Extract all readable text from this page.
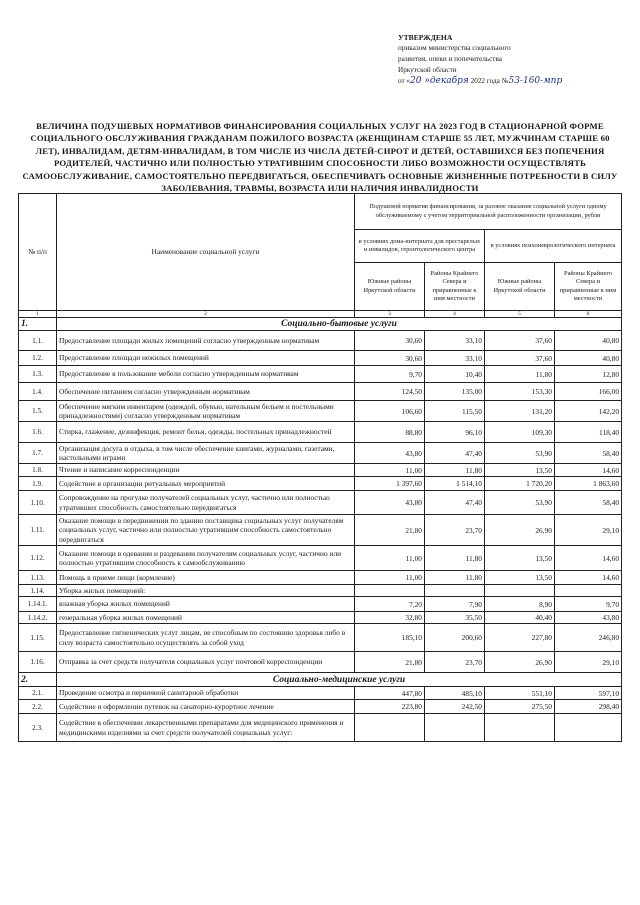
УТВЕРЖДЕНА
приказом министерства социального
развития, опеки и попечительства
Иркутской области
от «20 »дeкaбря 2022 года №53-160-мпр
ВЕЛИЧИНА ПОДУШЕВЫХ НОРМАТИВОВ ФИНАНСИРОВАНИЯ СОЦИАЛЬНЫХ УСЛУГ НА 2023 ГОД В СТАЦИОНАРНОЙ ФОРМЕ СОЦИАЛЬНОГО ОБСЛУЖИВАНИЯ ГРАЖДАНАМ ПОЖИЛОГО ВОЗРАСТА (ЖЕНЩИНАМ СТАРШЕ 55 ЛЕТ, МУЖЧИНАМ СТАРШЕ 60 ЛЕТ), ИНВАЛИДАМ, ДЕТЯМ-ИНВАЛИДАМ, В ТОМ ЧИСЛЕ ИЗ ЧИСЛА ДЕТЕЙ-СИРОТ И ДЕТЕЙ, ОСТАВШИХСЯ БЕЗ ПОПЕЧЕНИЯ РОДИТЕЛЕЙ, ЧАСТИЧНО ИЛИ ПОЛНОСТЬЮ УТРАТИВШИМ СПОСОБНОСТИ ЛИБО ВОЗМОЖНОСТИ ОСУЩЕСТВЛЯТЬ САМООБСЛУЖИВАНИЕ, САМОСТОЯТЕЛЬНО ПЕРЕДВИГАТЬСЯ, ОБЕСПЕЧИВАТЬ ОСНОВНЫЕ ЖИЗНЕННЫЕ ПОТРЕБНОСТИ В СИЛУ ЗАБОЛЕВАНИЯ, ТРАВМЫ, ВОЗРАСТА ИЛИ НАЛИЧИЯ ИНВАЛИДНОСТИ
№ п/п	Наименование социальной услуги	Подушевой норматив финансирования, за разовое оказание социальной услуги одному обслуживаемому с учетом территориальной расположенности организации, рубли			
		в условиях дома-интерната для престарелых и инвалидов, геронтологического центра		в условиях психоневрологического интерната	
		Южные районы Иркутской области	Районы Крайнего Севера и приравненные к ним местности	Южные районы Иркутской области	Районы Крайнего Севера и приравненные к ним местности
1	2	3	4	5	6
1.	Социально-бытовые услуги				
1.1.	Предоставление площади жилых помещений согласно утвержденным нормативам	30,60	33,10	37,60	40,80
1.2.	Предоставление площади нежилых помещений	30,60	33,10	37,60	40,80
1.3.	Предоставление в пользование мебели согласно утвержденным нормативам	9,70	10,40	11,80	12,80
1.4.	Обеспечение питанием согласно утвержденным нормативам	124,50	135,00	153,30	166,00
1.5.	Обеспечение мягким инвентарем (одеждой, обувью, нательным бельем и постельными принадлежностями) согласно утвержденным нормативам	106,60	115,50	131,20	142,20
1.6.	Стирка, глажение, дезинфекция, ремонт белья, одежды, постельных принадлежностей	88,80	96,10	109,30	118,40
1.7.	Организация досуга и отдыха, в том числе обеспечение книгами, журналами, газетами, настольными играми	43,80	47,40	53,90	58,40
1.8.	Чтение и написание корреспонденции	11,00	11,80	13,50	14,60
1.9.	Содействие в организации ритуальных мероприятий	1 397,60	1 514,10	1 720,20	1 863,60
1.10.	Сопровождение на прогулке получателей социальных услуг, частично или полностью утративших способность самостоятельно передвигаться	43,80	47,40	53,90	58,40
1.11.	Оказание помощи в передвижении по зданию поставщика социальных услуг получателям социальных услуг, частично или полностью утратившим способность самостоятельно передвигаться	21,80	23,70	26,90	29,10
1.12.	Оказание помощи в одевании и раздевании получателям социальных услуг, частично или полностью утратившим способность к самообслуживанию	11,00	11,80	13,50	14,60
1.13.	Помощь в приеме пищи (кормление)	11,00	11,80	13,50	14,60
1.14.	Уборка жилых помещений:				
1.14.1.	влажная уборка жилых помещений	7,20	7,90	8,90	9,70
1.14.2.	генеральная уборка жилых помещений	32,80	35,50	40,40	43,80
1.15.	Предоставление гигиенических услуг лицам, не способным по состоянию здоровья либо в силу возраста самостоятельно осуществлять за собой уход	185,10	200,60	227,80	246,80
1.16.	Отправка за счет средств получателя социальных услуг почтовой корреспонденции	21,80	23,70	26,90	29,10
2.	Социально-медицинские услуги				
2.1.	Проведение осмотра и первичной санитарной обработки	447,80	485,10	551,10	597,10
2.2.	Содействие и оформлении путевок на санаторно-курортное лечение	223,80	242,50	275,50	298,40
2.3.	Содействие в обеспечении лекарственными препаратами для медицинского применения и медицинскими изделиями за счет средств получателей социальных услуг:				
